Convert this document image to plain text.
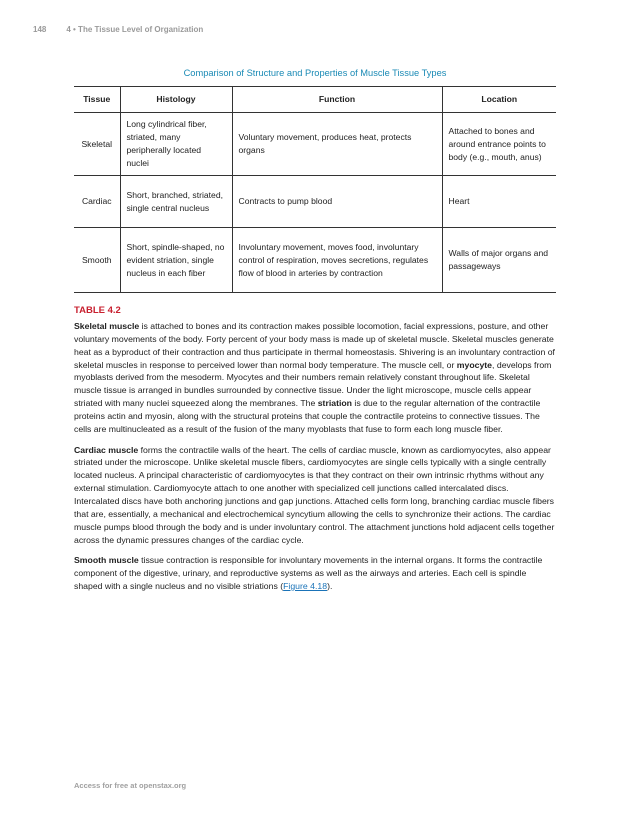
148	4 • The Tissue Level of Organization
Comparison of Structure and Properties of Muscle Tissue Types
Tissue	Histology	Function	Location
Skeletal	Long cylindrical fiber, striated, many peripherally located nuclei	Voluntary movement, produces heat, protects organs	Attached to bones and around entrance points to body (e.g., mouth, anus)
Cardiac	Short, branched, striated, single central nucleus	Contracts to pump blood	Heart
Smooth	Short, spindle-shaped, no evident striation, single nucleus in each fiber	Involuntary movement, moves food, involuntary control of respiration, moves secretions, regulates flow of blood in arteries by contraction	Walls of major organs and passageways
TABLE 4.2

Skeletal muscle is attached to bones and its contraction makes possible locomotion, facial expressions, posture, and other voluntary movements of the body. Forty percent of your body mass is made up of skeletal muscle. Skeletal muscles generate heat as a byproduct of their contraction and thus participate in thermal homeostasis. Shivering is an involuntary contraction of skeletal muscles in response to perceived lower than normal body temperature. The muscle cell, or myocyte, develops from myoblasts derived from the mesoderm. Myocytes and their numbers remain relatively constant throughout life. Skeletal muscle tissue is arranged in bundles surrounded by connective tissue. Under the light microscope, muscle cells appear striated with many nuclei squeezed along the membranes. The striation is due to the regular alternation of the contractile proteins actin and myosin, along with the structural proteins that couple the contractile proteins to connective tissues. The cells are multinucleated as a result of the fusion of the many myoblasts that fuse to form each long muscle fiber.

Cardiac muscle forms the contractile walls of the heart. The cells of cardiac muscle, known as cardiomyocytes, also appear striated under the microscope. Unlike skeletal muscle fibers, cardiomyocytes are single cells typically with a single centrally located nucleus. A principal characteristic of cardiomyocytes is that they contract on their own intrinsic rhythms without any external stimulation. Cardiomyocyte attach to one another with specialized cell junctions called intercalated discs. Intercalated discs have both anchoring junctions and gap junctions. Attached cells form long, branching cardiac muscle fibers that are, essentially, a mechanical and electrochemical syncytium allowing the cells to synchronize their actions. The cardiac muscle pumps blood through the body and is under involuntary control. The attachment junctions hold adjacent cells together across the dynamic pressures changes of the cardiac cycle.

Smooth muscle tissue contraction is responsible for involuntary movements in the internal organs. It forms the contractile component of the digestive, urinary, and reproductive systems as well as the airways and arteries. Each cell is spindle shaped with a single nucleus and no visible striations (Figure 4.18).

Access for free at openstax.org
